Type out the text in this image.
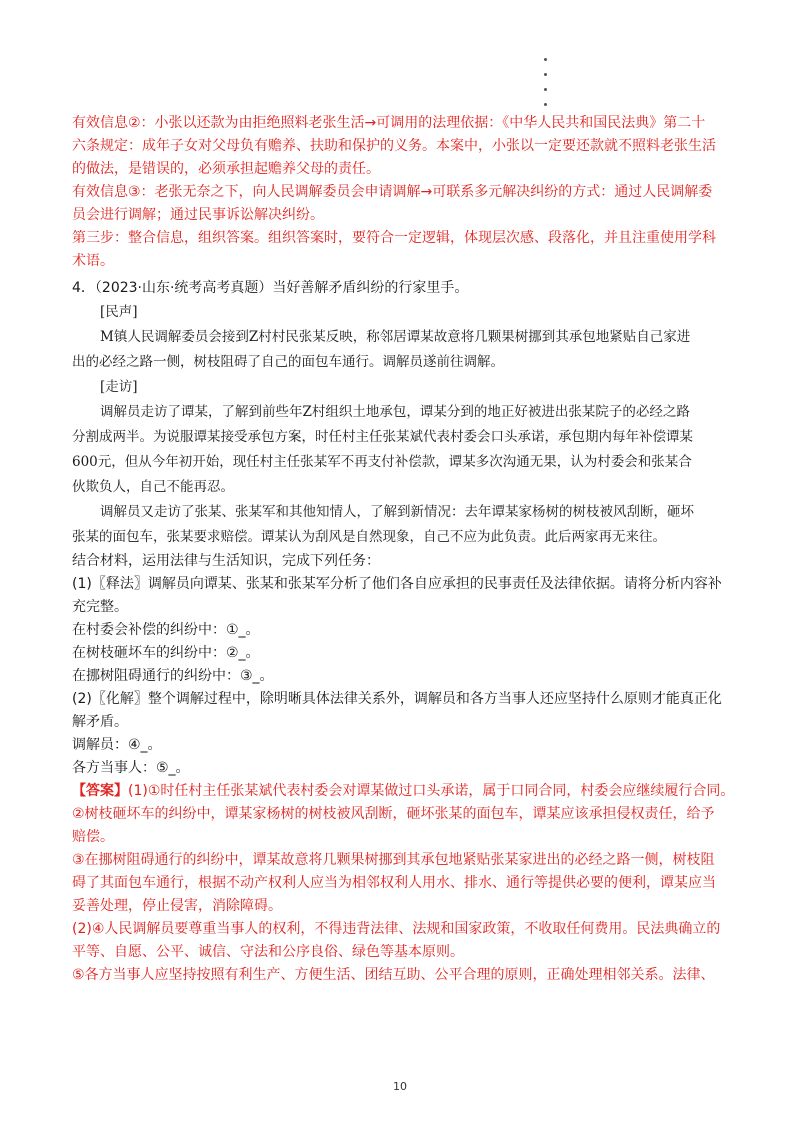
有效信息②：小张以还款为由拒绝照料老张生活→可调用的法理依据：《中华人民共和国民法典》第二十

六条规定：成年子女对父母负有赡养、扶助和保护的义务。本案中，小张以一定要还款就不照料老张生活

的做法，是错误的，必须承担起赡养父母的责任。

有效信息③：老张无奈之下，向人民调解委员会申请调解→可联系多元解决纠纷的方式：通过人民调解委

员会进行调解；通过民事诉讼解决纠纷。

第三步：整合信息，组织答案。组织答案时，要符合一定逻辑，体现层次感、段落化，并且注重使用学科

术语。

4．（2023·山东·统考高考真题）当好善解矛盾纠纷的行家里手。

[民声]

M镇人民调解委员会接到Z村村民张某反映，称邻居谭某故意将几颗果树挪到其承包地紧贴自己家进

出的必经之路一侧，树枝阻碍了自己的面包车通行。调解员遂前往调解。

[走访]

调解员走访了谭某，了解到前些年Z村组织土地承包，谭某分到的地正好被进出张某院子的必经之路

分割成两半。为说服谭某接受承包方案，时任村主任张某斌代表村委会口头承诺，承包期内每年补偿谭某

600元，但从今年初开始，现任村主任张某军不再支付补偿款，谭某多次沟通无果，认为村委会和张某合

伙欺负人，自己不能再忍。

调解员又走访了张某、张某军和其他知情人，了解到新情况：去年谭某家杨树的树枝被风刮断，砸坏

张某的面包车，张某要求赔偿。谭某认为刮风是自然现象，自己不应为此负责。此后两家再无来往。

结合材料，运用法律与生活知识，完成下列任务：

(1)〖释法〗调解员向谭某、张某和张某军分析了他们各自应承担的民事责任及法律依据。请将分析内容补

充完整。

在村委会补偿的纠纷中：①_。

在树枝砸坏车的纠纷中：②_。

在挪树阻碍通行的纠纷中：③_。

(2)〖化解〗整个调解过程中，除明晰具体法律关系外，调解员和各方当事人还应坚持什么原则才能真正化

解矛盾。

调解员：④_。

各方当事人：⑤_。

【答案】(1)①时任村主任张某斌代表村委会对谭某做过口头承诺，属于口同合同，村委会应继续履行合同。

②树枝砸坏车的纠纷中，谭某家杨树的树枝被风刮断，砸坏张某的面包车，谭某应该承担侵权责任，给予

赔偿。

③在挪树阻碍通行的纠纷中，谭某故意将几颗果树挪到其承包地紧贴张某家进出的必经之路一侧，树枝阻

碍了其面包车通行，根据不动产权利人应当为相邻权利人用水、排水、通行等提供必要的便利，谭某应当

妥善处理，停止侵害，消除障碍。

(2)④人民调解员要尊重当事人的权利，不得违背法律、法规和国家政策，不收取任何费用。民法典确立的

平等、自愿、公平、诚信、守法和公序良俗、绿色等基本原则。

⑤各方当事人应坚持按照有利生产、方便生活、团结互助、公平合理的原则，正确处理相邻关系。法律、

10
